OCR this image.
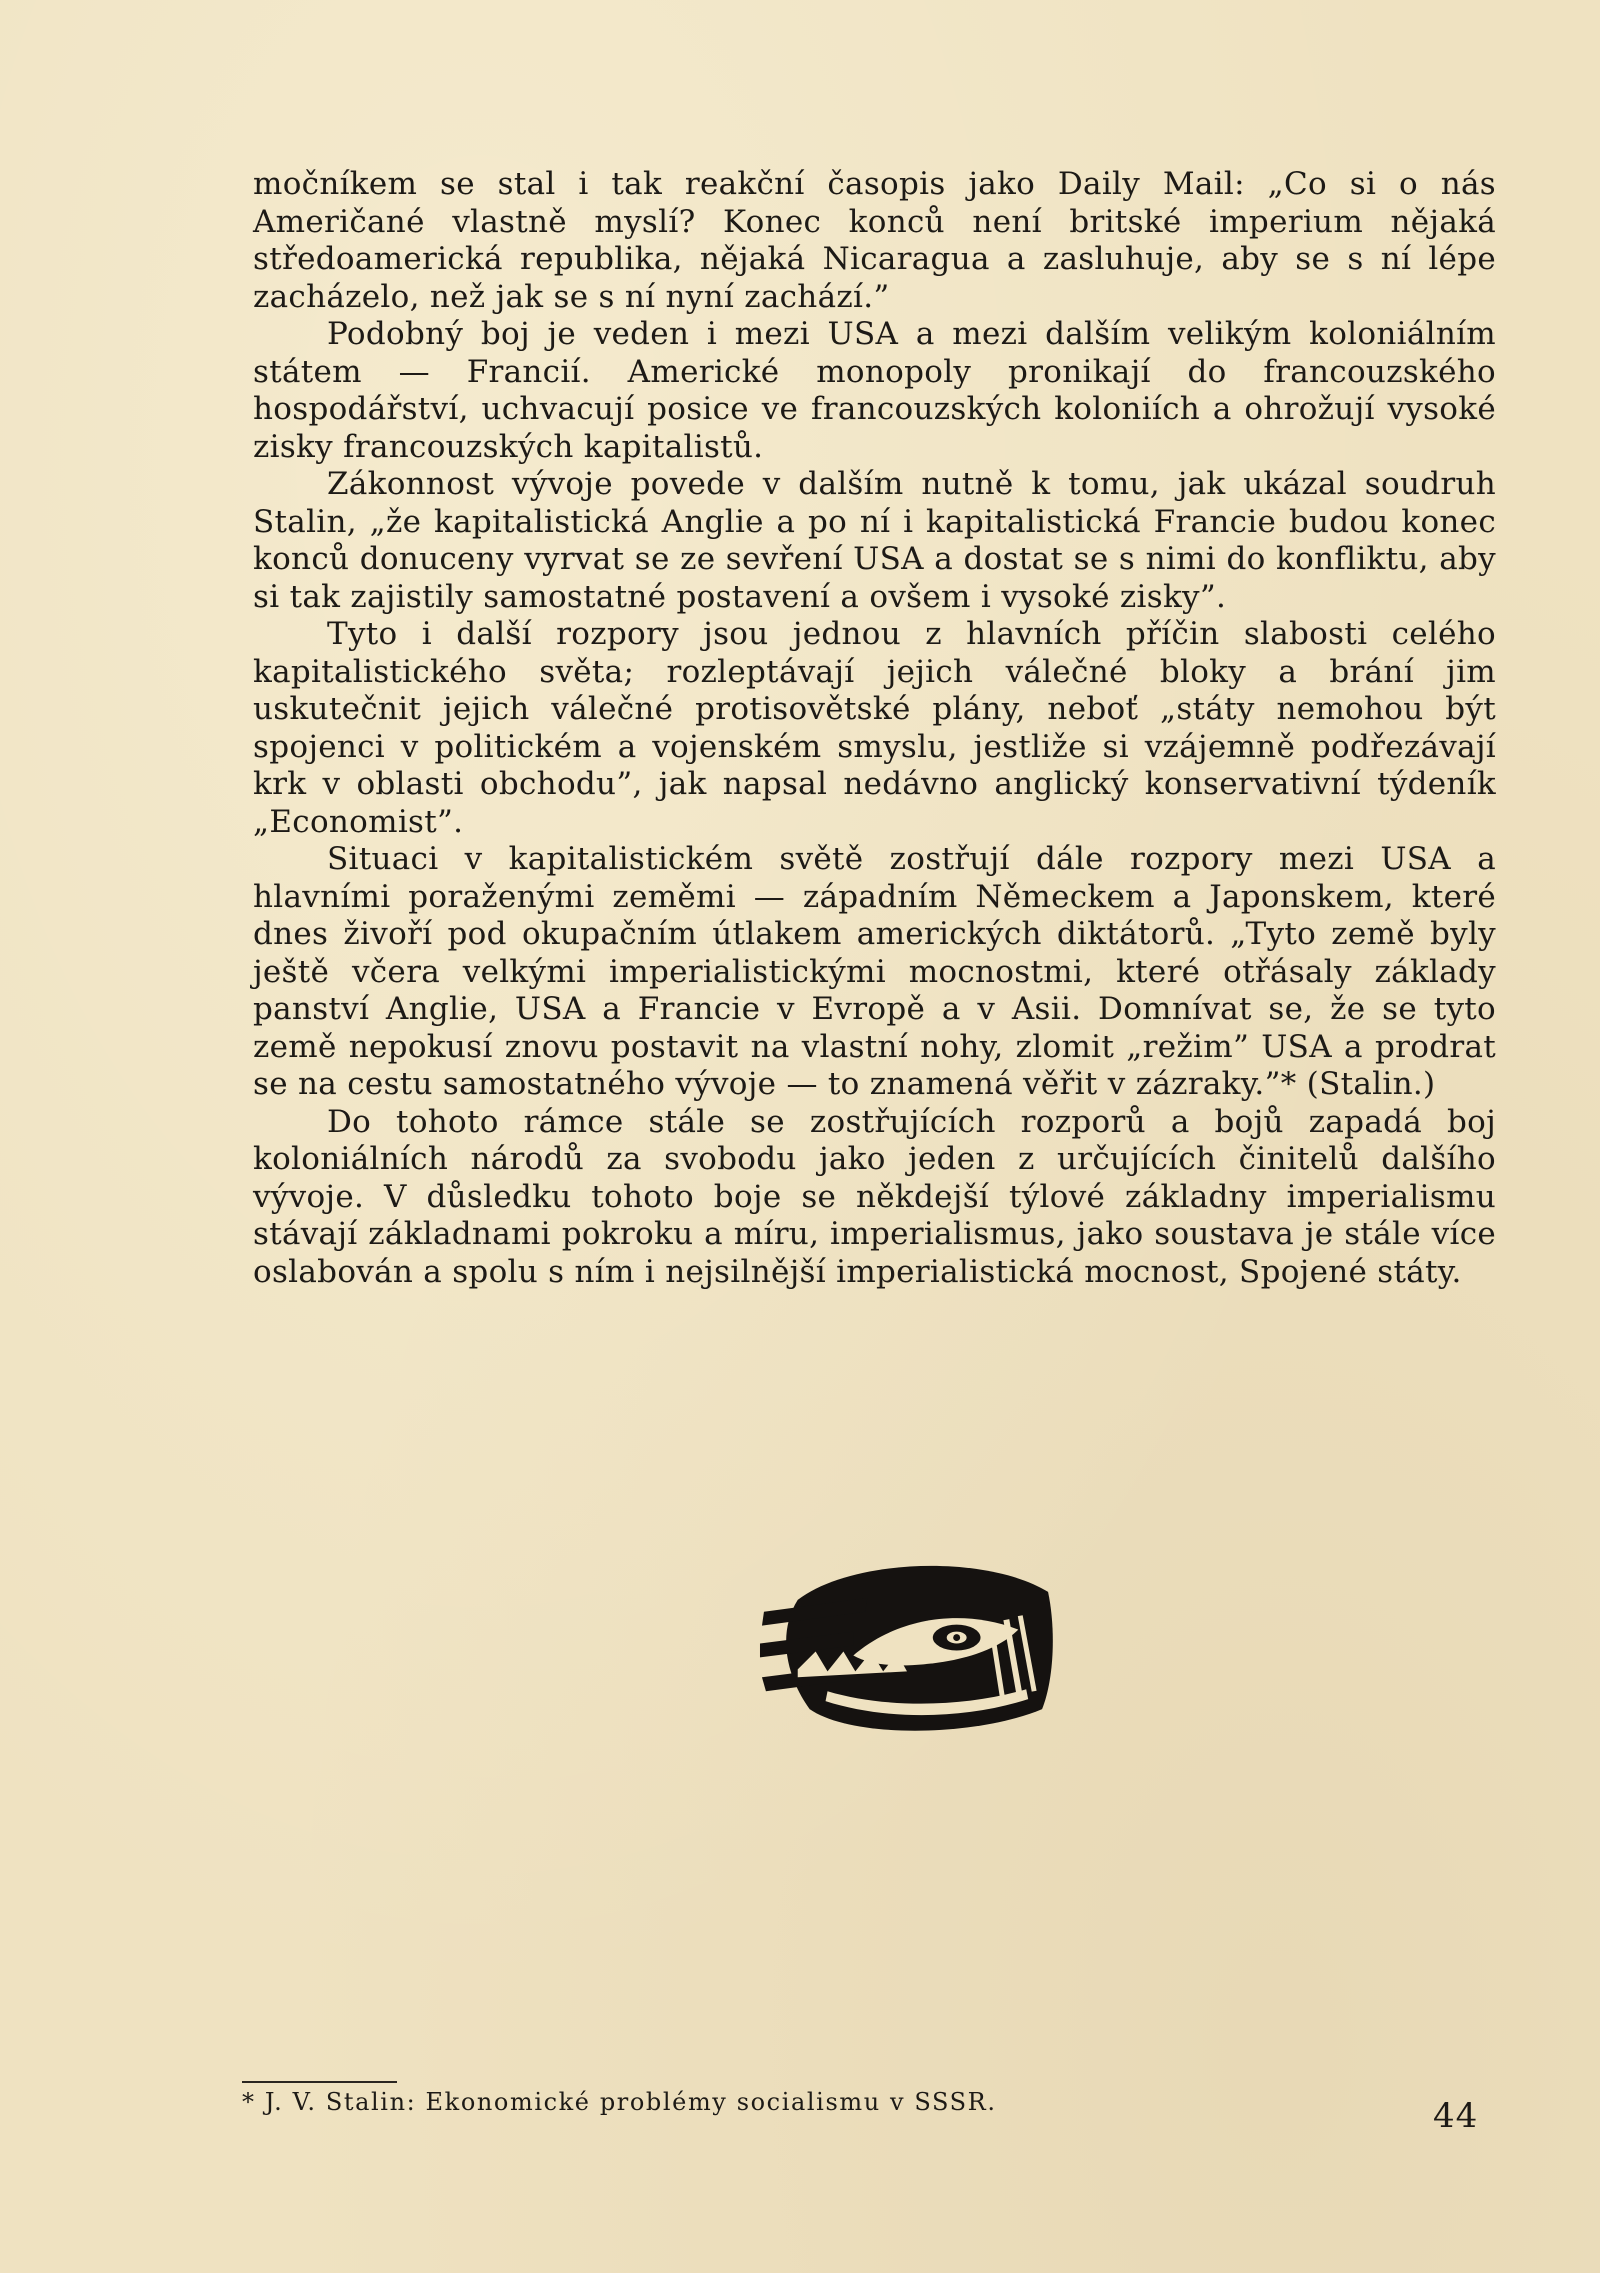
močníkem se stal i tak reakční časopis jako Daily Mail: „Co si o nás Američané vlastně myslí? Konec konců není britské imperium nějaká středoamerická republika, nějaká Nicaragua a zasluhuje, aby se s ní lépe zacházelo, než jak se s ní nyní zachází.”

Podobný boj je veden i mezi USA a mezi dalším velikým koloniálním státem — Francií. Americké monopoly pronikají do francouzského hospodářství, uchvacují posice ve francouzských koloniích a ohrožují vysoké zisky francouzských kapitalistů.

Zákonnost vývoje povede v dalším nutně k tomu, jak ukázal soudruh Stalin, „že kapitalistická Anglie a po ní i kapitalistická Francie budou konec konců donuceny vyrvat se ze sevření USA a dostat se s nimi do konfliktu, aby si tak zajistily samostatné postavení a ovšem i vysoké zisky”.

Tyto i další rozpory jsou jednou z hlavních příčin slabosti celého kapitalistického světa; rozleptávají jejich válečné bloky a brání jim uskutečnit jejich válečné protisovětské plány, neboť „státy nemohou být spojenci v politickém a vojenském smyslu, jestliže si vzájemně podřezávají krk v oblasti obchodu”, jak napsal nedávno anglický konservativní týdeník „Economist”.

Situaci v kapitalistickém světě zostřují dále rozpory mezi USA a hlavními poraženými zeměmi — západním Německem a Japonskem, které dnes živoří pod okupačním útlakem amerických diktátorů. „Tyto země byly ještě včera velkými imperialistickými mocnostmi, které otřásaly základy panství Anglie, USA a Francie v Evropě a v Asii. Domnívat se, že se tyto země nepokusí znovu postavit na vlastní nohy, zlomit „režim” USA a prodrat se na cestu samostatného vývoje — to znamená věřit v zázraky.”* (Stalin.)

Do tohoto rámce stále se zostřujících rozporů a bojů zapadá boj koloniálních národů za svobodu jako jeden z určujících činitelů dalšího vývoje. V důsledku tohoto boje se někdejší týlové základny imperialismu stávají základnami pokroku a míru, imperialismus, jako soustava je stále více oslabován a spolu s ním i nejsilnější imperialistická mocnost, Spojené státy.

* J. V. Stalin: Ekonomické problémy socialismu v SSSR.	44
